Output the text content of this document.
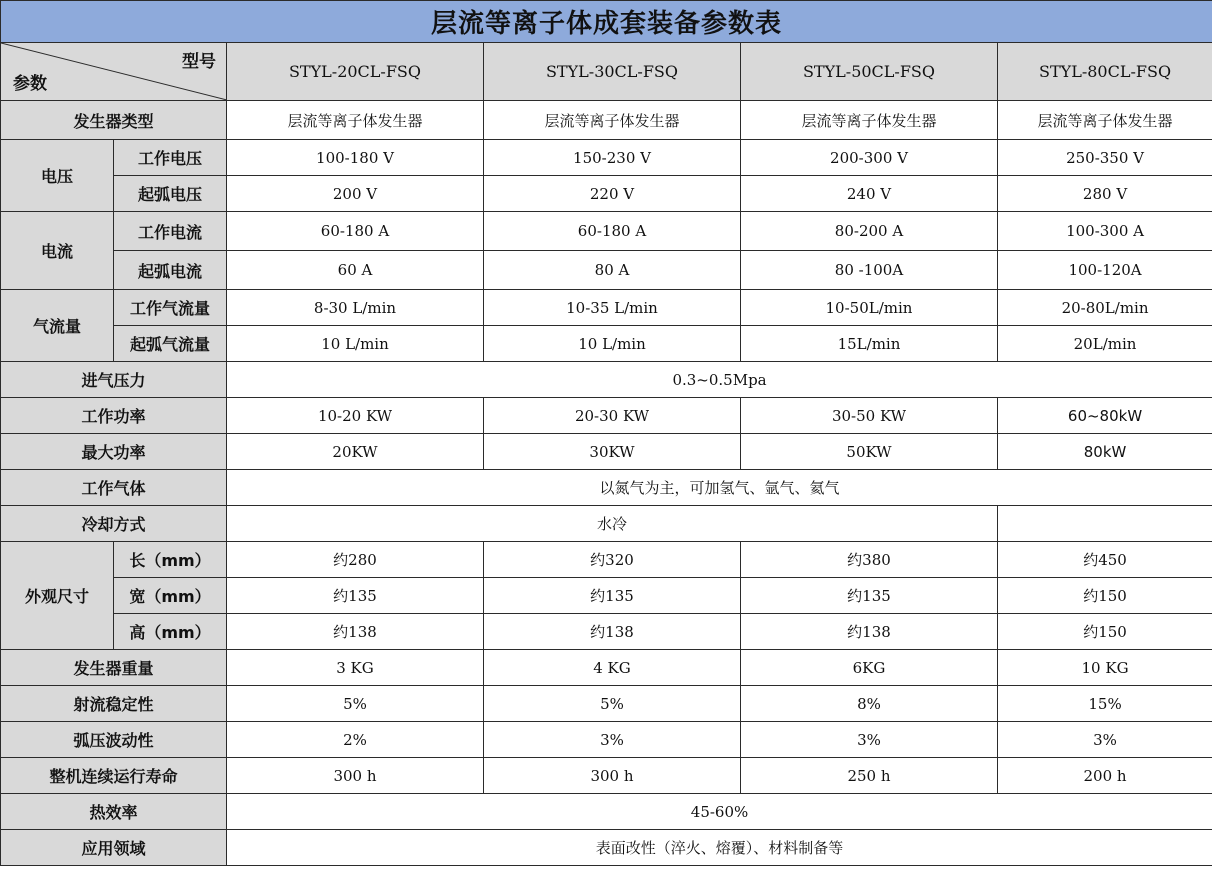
层流等离子体成套装备参数表					

型号
参数		STYL-20CL-FSQ	STYL-30CL-FSQ	STYL-50CL-FSQ	STYL-80CL-FSQ
发生器类型		层流等离子体发生器	层流等离子体发生器	层流等离子体发生器	层流等离子体发生器
电压	工作电压	100-180 V	150-230 V	200-300 V	250-350 V
	起弧电压	200 V	220 V	240 V	280 V
电流	工作电流	60-180 A	60-180 A	80-200 A	100-300 A
	起弧电流	60 A	80 A	80 -100A	100-120A
气流量	工作气流量	8-30 L/min	10-35 L/min	10-50L/min	20-80L/min
	起弧气流量	10 L/min	10 L/min	15L/min	20L/min
进气压力		0.3~0.5Mpa			
工作功率		10-20 KW	20-30 KW	30-50 KW	60~80kW
最大功率		20KW	30KW	50KW	80kW
工作气体		以氮气为主，可加氢气、氩气、氦气			
冷却方式		水冷			
外观尺寸	长（mm）	约280	约320	约380	约450
	宽（mm）	约135	约135	约135	约150
	高（mm）	约138	约138	约138	约150
发生器重量		3 KG	4 KG	6KG	10 KG
射流稳定性		5%	5%	8%	15%
弧压波动性		2%	3%	3%	3%
整机连续运行寿命		300 h	300 h	250 h	200 h
热效率		45-60%			
应用领域		表面改性（淬火、熔覆）、材料制备等			
